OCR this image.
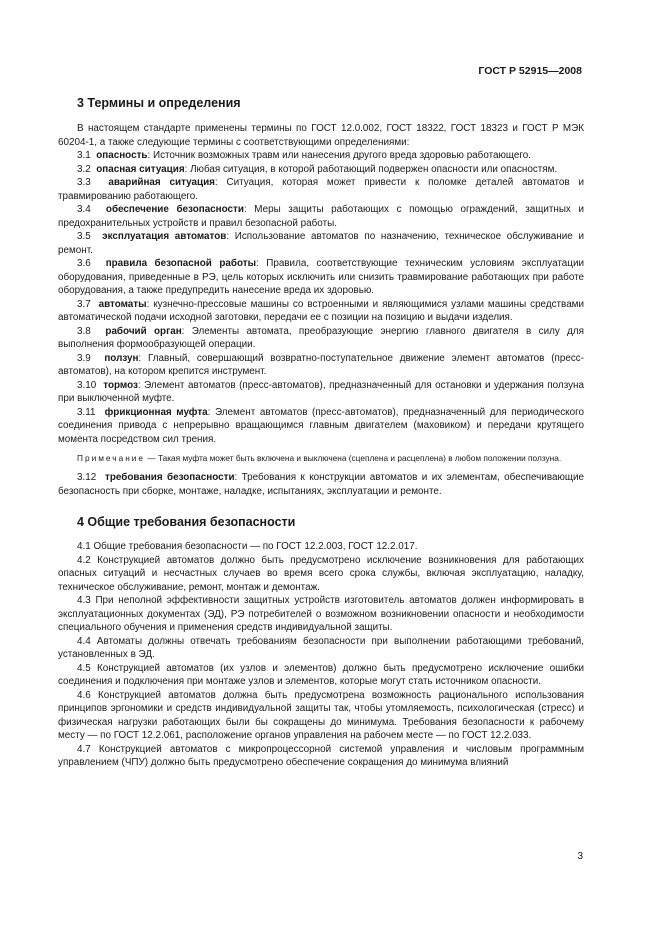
ГОСТ Р 52915—2008
3 Термины и определения

В настоящем стандарте применены термины по ГОСТ 12.0.002, ГОСТ 18322, ГОСТ 18323 и ГОСТ Р МЭК 60204-1, а также следующие термины с соответствующими определениями:

3.1 опасность: Источник возможных травм или нанесения другого вреда здоровью работающего.

3.2 опасная ситуация: Любая ситуация, в которой работающий подвержен опасности или опасностям.

3.3 аварийная ситуация: Ситуация, которая может привести к поломке деталей автоматов и травмированию работающего.

3.4 обеспечение безопасности: Меры защиты работающих с помощью ограждений, защитных и предохранительных устройств и правил безопасной работы.

3.5 эксплуатация автоматов: Использование автоматов по назначению, техническое обслуживание и ремонт.

3.6 правила безопасной работы: Правила, соответствующие техническим условиям эксплуатации оборудования, приведенные в РЭ, цель которых исключить или снизить травмирование работающих при работе оборудования, а также предупредить нанесение вреда их здоровью.

3.7 автоматы: кузнечно-прессовые машины со встроенными и являющимися узлами машины средствами автоматической подачи исходной заготовки, передачи ее с позиции на позицию и выдачи изделия.

3.8 рабочий орган: Элементы автомата, преобразующие энергию главного двигателя в силу для выполнения формообразующей операции.

3.9 ползун: Главный, совершающий возвратно-поступательное движение элемент автоматов (пресс-автоматов), на котором крепится инструмент.

3.10 тормоз: Элемент автоматов (пресс-автоматов), предназначенный для остановки и удержания ползуна при выключенной муфте.

3.11 фрикционная муфта: Элемент автоматов (пресс-автоматов), предназначенный для периодического соединения привода с непрерывно вращающимся главным двигателем (маховиком) и передачи крутящего момента посредством сил трения.

Примечание — Такая муфта может быть включена и выключена (сцеплена и расцеплена) в любом положении ползуна.

3.12 требования безопасности: Требования к конструкции автоматов и их элементам, обеспечивающие безопасность при сборке, монтаже, наладке, испытаниях, эксплуатации и ремонте.

4 Общие требования безопасности

4.1 Общие требования безопасности — по ГОСТ 12.2.003, ГОСТ 12.2.017.

4.2 Конструкцией автоматов должно быть предусмотрено исключение возникновения для работающих опасных ситуаций и несчастных случаев во время всего срока службы, включая эксплуатацию, наладку, техническое обслуживание, ремонт, монтаж и демонтаж.

4.3 При неполной эффективности защитных устройств изготовитель автоматов должен информировать в эксплуатационных документах (ЭД), РЭ потребителей о возможном возникновении опасности и необходимости специального обучения и применения средств индивидуальной защиты.

4.4 Автоматы должны отвечать требованиям безопасности при выполнении работающими требований, установленных в ЭД.

4.5 Конструкцией автоматов (их узлов и элементов) должно быть предусмотрено исключение ошибки соединения и подключения при монтаже узлов и элементов, которые могут стать источником опасности.

4.6 Конструкцией автоматов должна быть предусмотрена возможность рационального использования принципов эргономики и средств индивидуальной защиты так, чтобы утомляемость, психологическая (стресс) и физическая нагрузки работающих были бы сокращены до минимума. Требования безопасности к рабочему месту — по ГОСТ 12.2.061, расположение органов управления на рабочем месте — по ГОСТ 12.2.033.

4.7 Конструкцией автоматов с микропроцессорной системой управления и числовым программным управлением (ЧПУ) должно быть предусмотрено обеспечение сокращения до минимума влияний

3
